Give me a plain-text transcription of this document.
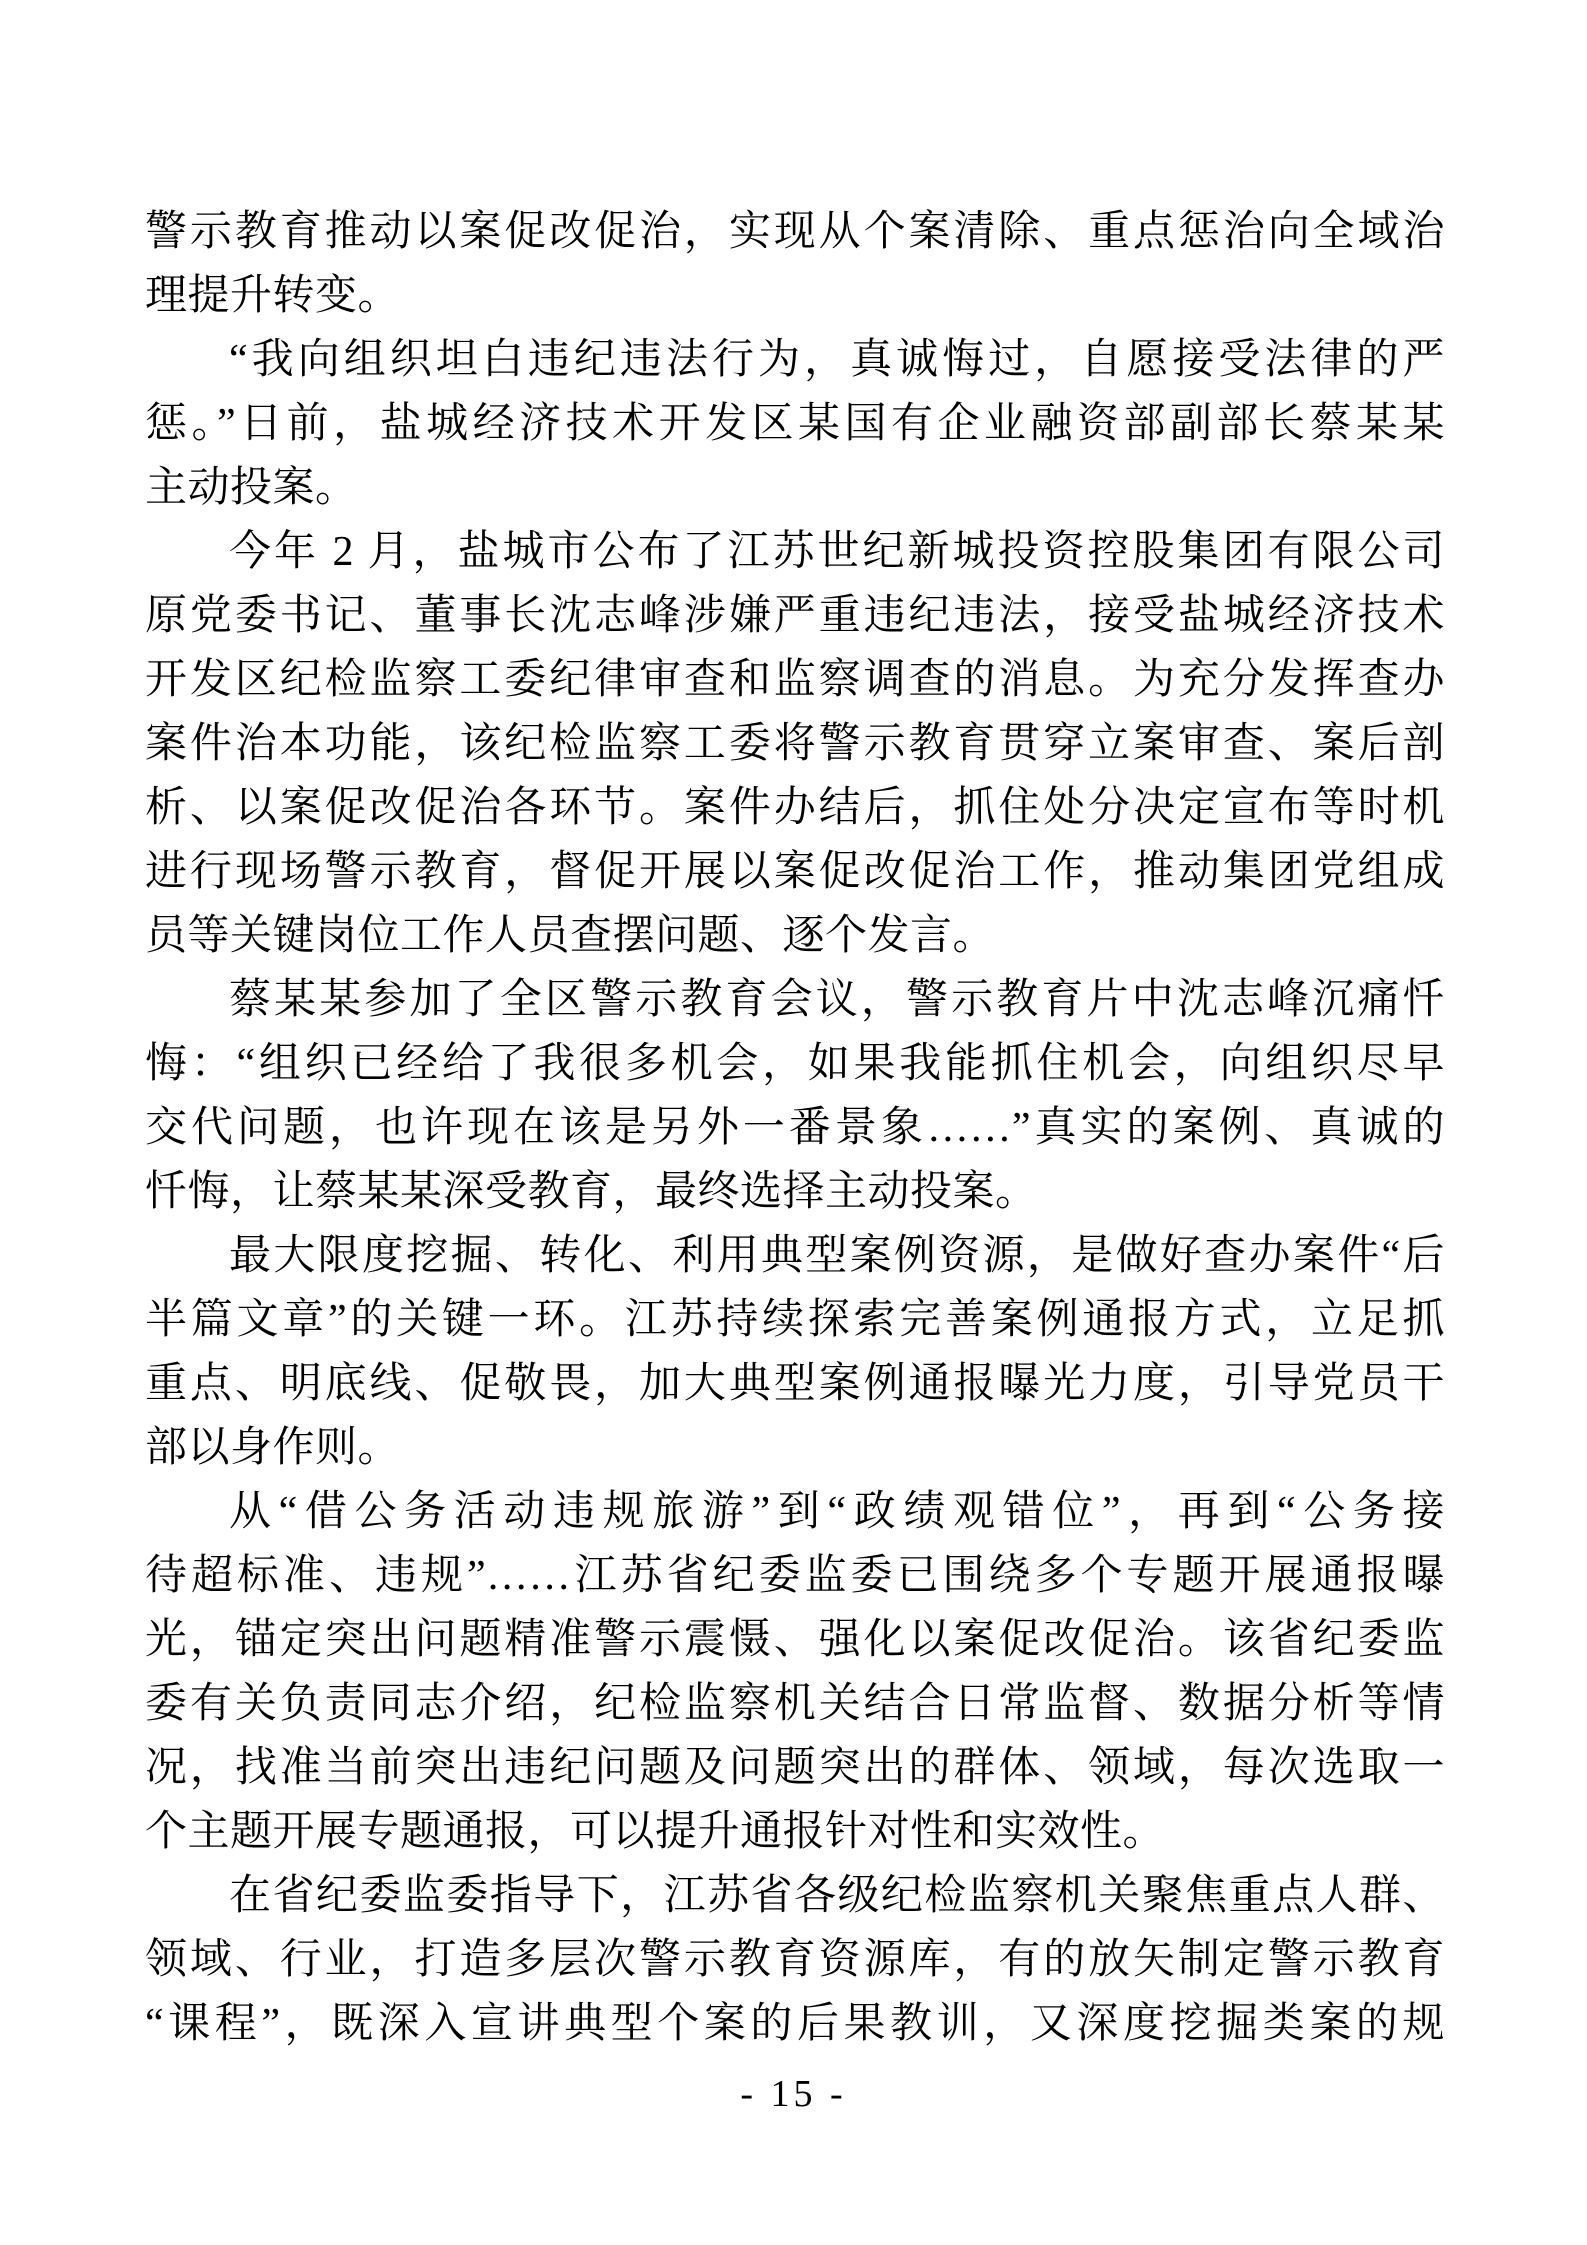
警示教育推动以案促改促治，实现从个案清除、重点惩治向全域治
理提升转变。
“我向组织坦白违纪违法行为，真诚悔过，自愿接受法律的严
惩。”日前，盐城经济技术开发区某国有企业融资部副部长蔡某某
主动投案。
今年 2 月，盐城市公布了江苏世纪新城投资控股集团有限公司
原党委书记、董事长沈志峰涉嫌严重违纪违法，接受盐城经济技术
开发区纪检监察工委纪律审查和监察调查的消息。为充分发挥查办
案件治本功能，该纪检监察工委将警示教育贯穿立案审查、案后剖
析、以案促改促治各环节。案件办结后，抓住处分决定宣布等时机
进行现场警示教育，督促开展以案促改促治工作，推动集团党组成
员等关键岗位工作人员查摆问题、逐个发言。
蔡某某参加了全区警示教育会议，警示教育片中沈志峰沉痛忏
悔：“组织已经给了我很多机会，如果我能抓住机会，向组织尽早
交代问题，也许现在该是另外一番景象……”真实的案例、真诚的
忏悔，让蔡某某深受教育，最终选择主动投案。
最大限度挖掘、转化、利用典型案例资源，是做好查办案件“后
半篇文章”的关键一环。江苏持续探索完善案例通报方式，立足抓
重点、明底线、促敬畏，加大典型案例通报曝光力度，引导党员干
部以身作则。
从“借公务活动违规旅游”到“政绩观错位”，再到“公务接
待超标准、违规”……江苏省纪委监委已围绕多个专题开展通报曝
光，锚定突出问题精准警示震慑、强化以案促改促治。该省纪委监
委有关负责同志介绍，纪检监察机关结合日常监督、数据分析等情
况，找准当前突出违纪问题及问题突出的群体、领域，每次选取一
个主题开展专题通报，可以提升通报针对性和实效性。
在省纪委监委指导下，江苏省各级纪检监察机关聚焦重点人群、
领域、行业，打造多层次警示教育资源库，有的放矢制定警示教育
“课程”，既深入宣讲典型个案的后果教训，又深度挖掘类案的规
- 15 -
